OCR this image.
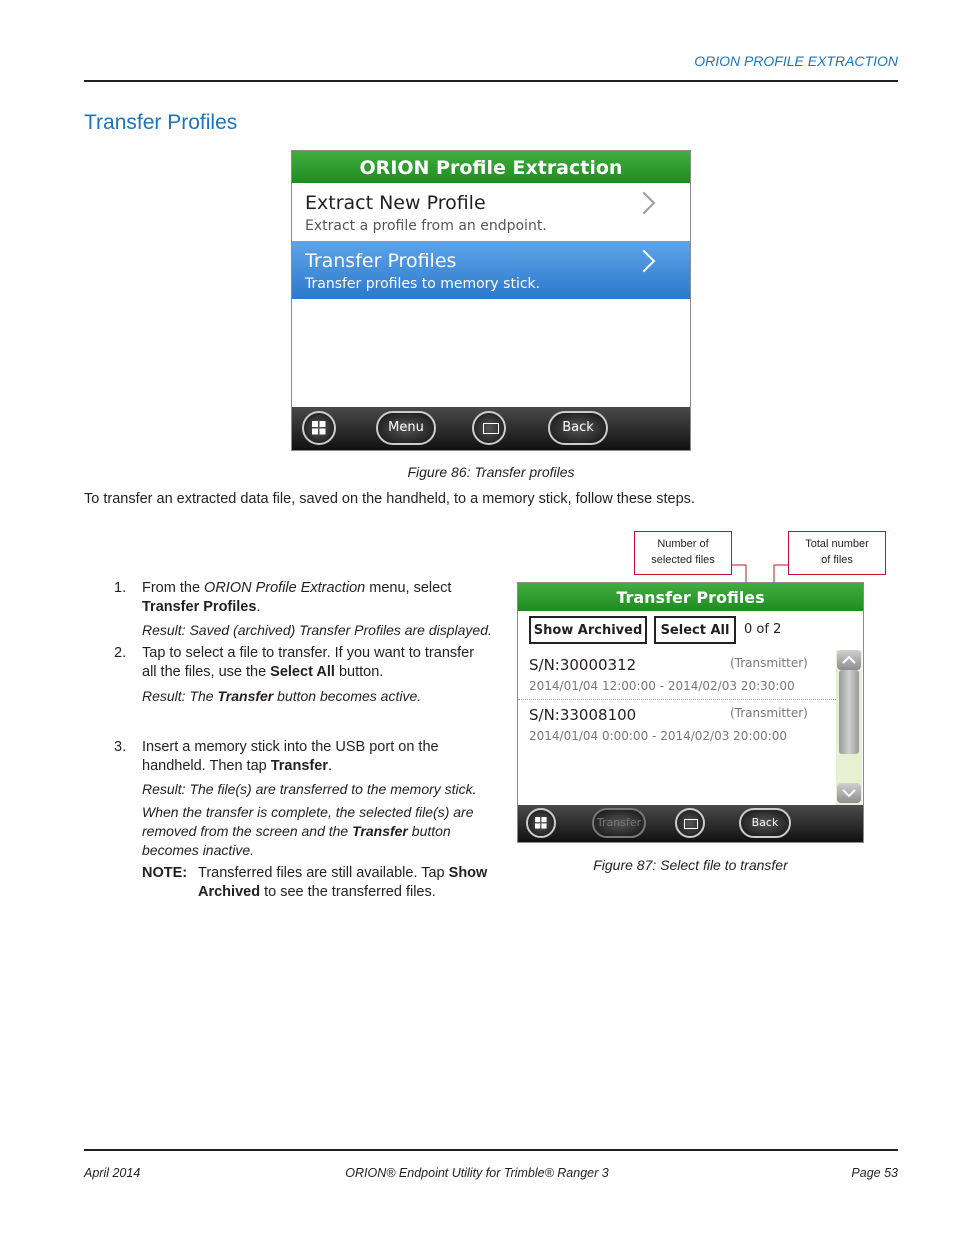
ORION PROFILE EXTRACTION
Transfer Profiles
ORION Profile Extraction
Extract New Profile
Extract a profile from an endpoint.
Transfer Profiles
Transfer profiles to memory stick.
Menu	Back
Figure 86: Transfer profiles
To transfer an extracted data file, saved on the handheld, to a memory stick, follow these steps.
Number of
selected files
Total number
of files
Transfer Profiles
Show Archived	Select All	0 of 2
S/N:30000312	(Transmitter)
2014/01/04 12:00:00 - 2014/02/03 20:30:00
S/N:33008100	(Transmitter)
2014/01/04 0:00:00 - 2014/02/03 20:00:00
Transfer	Back
Figure 87: Select file to transfer
1.	From the ORION Profile Extraction menu, select
Transfer Profiles.
Result: Saved (archived) Transfer Profiles are displayed.
2.	Tap to select a file to transfer. If you want to transfer
all the files, use the Select All button.
Result: The Transfer button becomes active.
3.	Insert a memory stick into the USB port on the
handheld. Then tap Transfer.
Result: The file(s) are transferred to the memory stick.
When the transfer is complete, the selected file(s) are
removed from the screen and the Transfer button
becomes inactive.
NOTE: Transferred files are still available. Tap Show
Archived to see the transferred files.
April 2014	ORION® Endpoint Utility for Trimble® Ranger 3	Page 53
